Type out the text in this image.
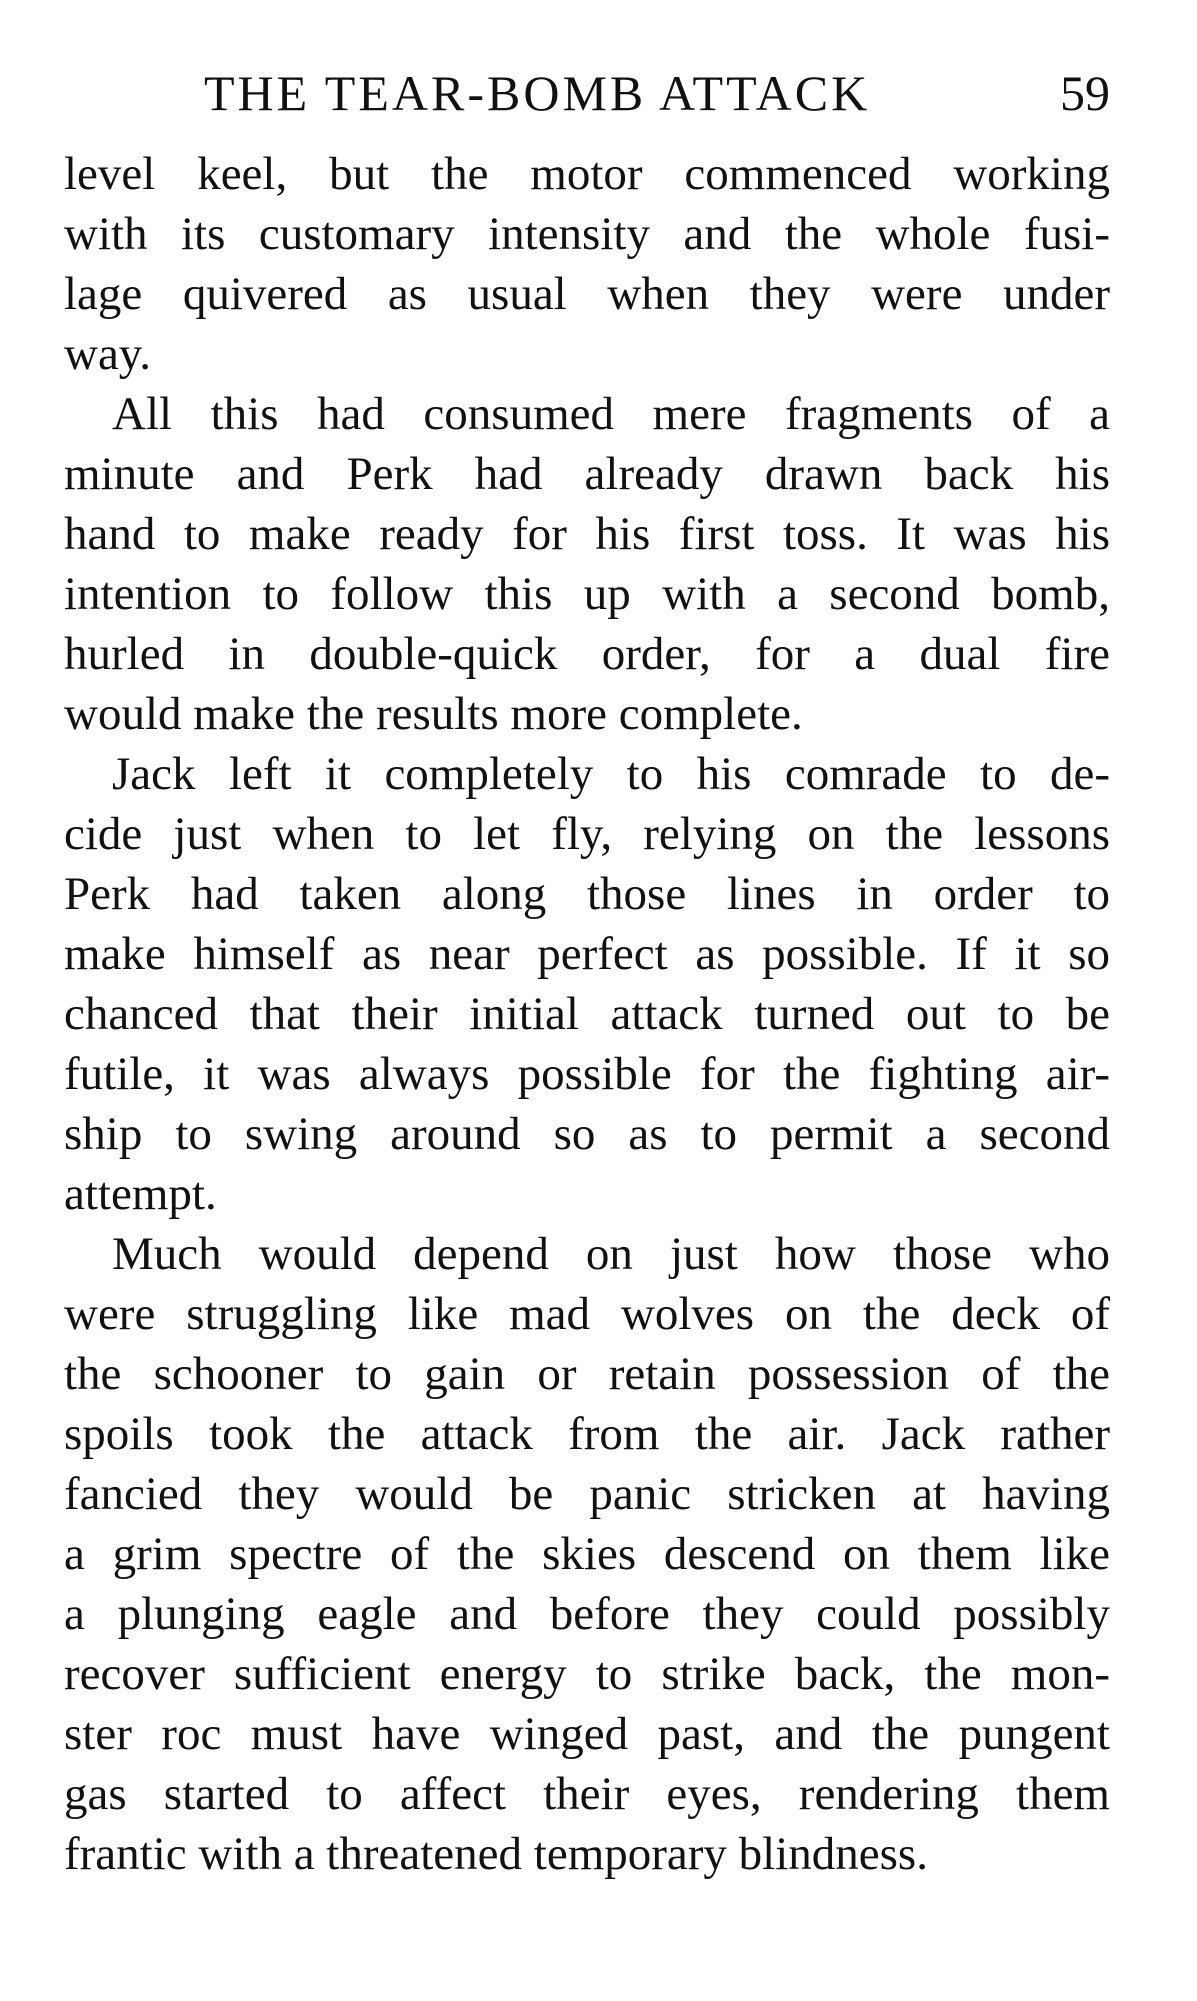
THE TEAR-BOMB ATTACK	59

level keel, but the motor commenced working
with its customary intensity and the whole fusi-
lage quivered as usual when they were under
way.

All this had consumed mere fragments of a
minute and Perk had already drawn back his
hand to make ready for his first toss. It was his
intention to follow this up with a second bomb,
hurled in double-quick order, for a dual fire
would make the results more complete.

Jack left it completely to his comrade to de-
cide just when to let fly, relying on the lessons
Perk had taken along those lines in order to
make himself as near perfect as possible. If it so
chanced that their initial attack turned out to be
futile, it was always possible for the fighting air-
ship to swing around so as to permit a second
attempt.

Much would depend on just how those who
were struggling like mad wolves on the deck of
the schooner to gain or retain possession of the
spoils took the attack from the air. Jack rather
fancied they would be panic stricken at having
a grim spectre of the skies descend on them like
a plunging eagle and before they could possibly
recover sufficient energy to strike back, the mon-
ster roc must have winged past, and the pungent
gas started to affect their eyes, rendering them
frantic with a threatened temporary blindness.
